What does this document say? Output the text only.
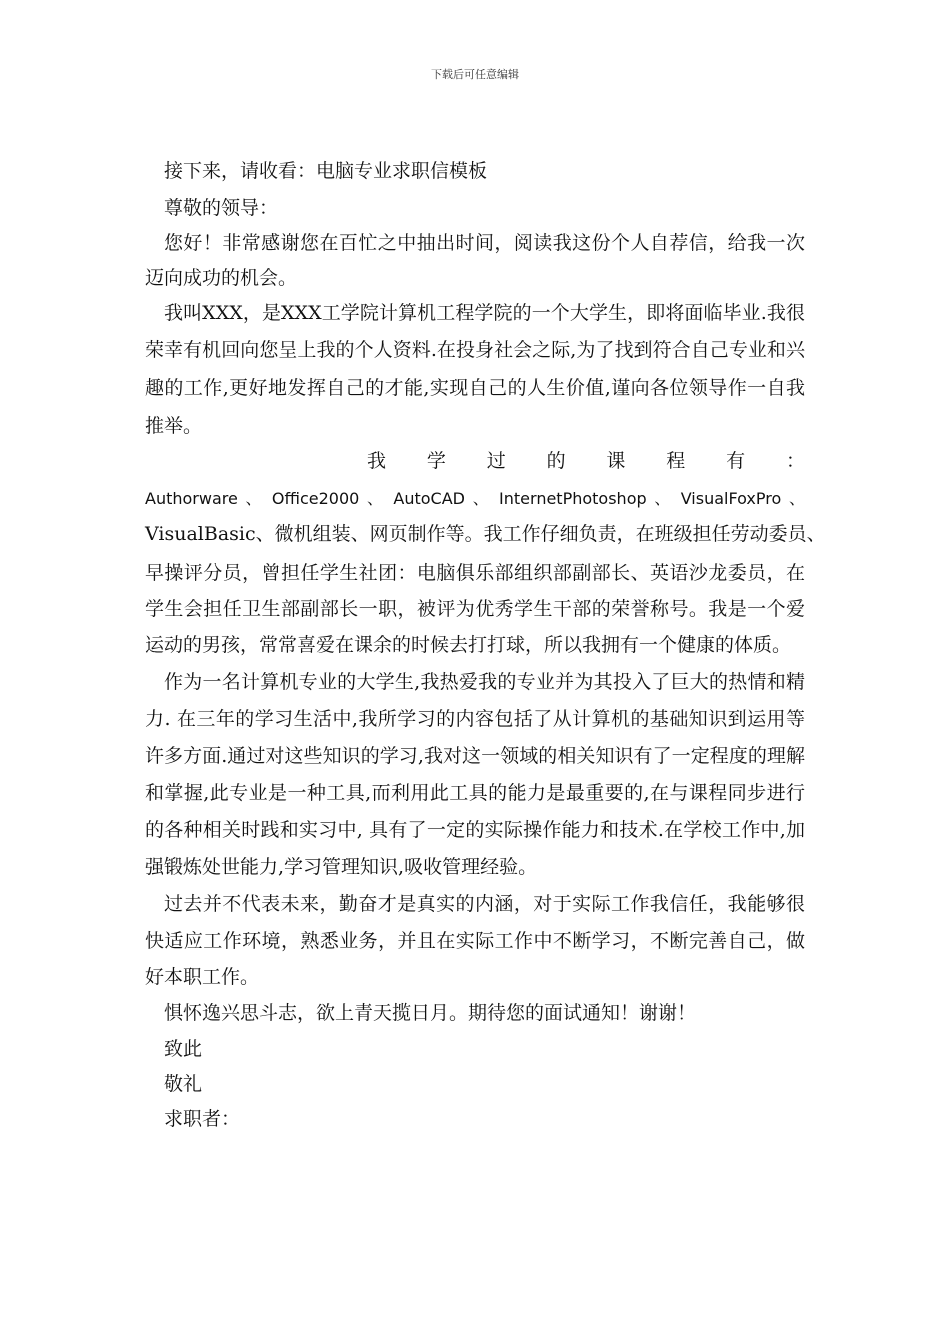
下载后可任意编辑
接下来，请收看：电脑专业求职信模板
尊敬的领导：
您好！非常感谢您在百忙之中抽出时间，阅读我这份个人自荐信，给我一次
迈向成功的机会。
我叫XXX，是XXX工学院计算机工程学院的一个大学生，即将面临毕业.我很
荣幸有机回向您呈上我的个人资料.在投身社会之际,为了找到符合自己专业和兴
趣的工作,更好地发挥自己的才能,实现自己的人生价值,谨向各位领导作一自我
推举。
我 学 过 的 课 程 有 ：
Authorware 、 Office2000 、 AutoCAD 、 InternetPhotoshop 、 VisualFoxPro 、
VisualBasic、微机组装、网页制作等。我工作仔细负责，在班级担任劳动委员、
早操评分员，曾担任学生社团：电脑俱乐部组织部副部长、英语沙龙委员，在
学生会担任卫生部副部长一职，被评为优秀学生干部的荣誉称号。我是一个爱
运动的男孩，常常喜爱在课余的时候去打打球，所以我拥有一个健康的体质。
作为一名计算机专业的大学生,我热爱我的专业并为其投入了巨大的热情和精
力. 在三年的学习生活中,我所学习的内容包括了从计算机的基础知识到运用等
许多方面.通过对这些知识的学习,我对这一领域的相关知识有了一定程度的理解
和掌握,此专业是一种工具,而利用此工具的能力是最重要的,在与课程同步进行
的各种相关时践和实习中, 具有了一定的实际操作能力和技术.在学校工作中,加
强锻炼处世能力,学习管理知识,吸收管理经验。
过去并不代表未来，勤奋才是真实的内涵，对于实际工作我信任，我能够很
快适应工作环境，熟悉业务，并且在实际工作中不断学习，不断完善自己，做
好本职工作。
惧怀逸兴思斗志，欲上青天揽日月。期待您的面试通知！谢谢！
致此
敬礼
求职者：
